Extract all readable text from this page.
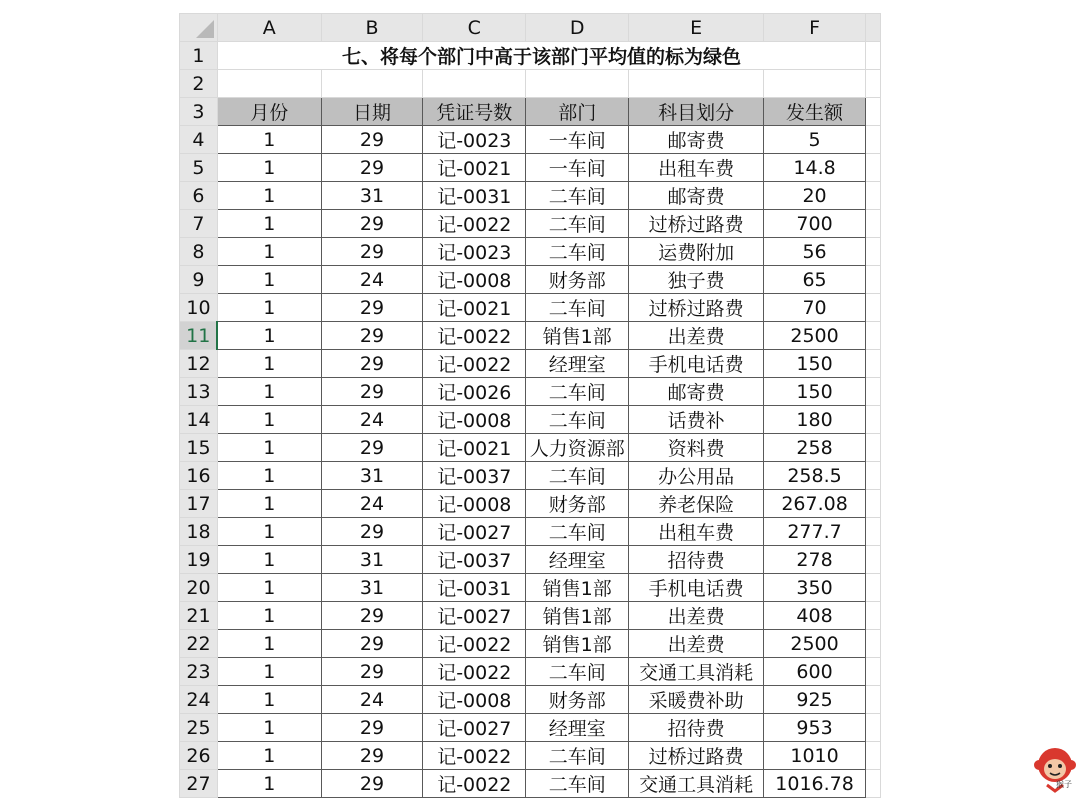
	A	B	C	D	E	F	
1	七、将每个部门中高于该部门平均值的标为绿色						
2							
3	月份	日期	凭证号数	部门	科目划分	发生额	
4	1	29	记-0023	一车间	邮寄费	5	
5	1	29	记-0021	一车间	出租车费	14.8	
6	1	31	记-0031	二车间	邮寄费	20	
7	1	29	记-0022	二车间	过桥过路费	700	
8	1	29	记-0023	二车间	运费附加	56	
9	1	24	记-0008	财务部	独子费	65	
10	1	29	记-0021	二车间	过桥过路费	70	
11	1	29	记-0022	销售1部	出差费	2500	
12	1	29	记-0022	经理室	手机电话费	150	
13	1	29	记-0026	二车间	邮寄费	150	
14	1	24	记-0008	二车间	话费补	180	
15	1	29	记-0021	人力资源部	资料费	258	
16	1	31	记-0037	二车间	办公用品	258.5	
17	1	24	记-0008	财务部	养老保险	267.08	
18	1	29	记-0027	二车间	出租车费	277.7	
19	1	31	记-0037	经理室	招待费	278	
20	1	31	记-0031	销售1部	手机电话费	350	
21	1	29	记-0027	销售1部	出差费	408	
22	1	29	记-0022	销售1部	出差费	2500	
23	1	29	记-0022	二车间	交通工具消耗	600	
24	1	24	记-0008	财务部	采暖费补助	925	
25	1	29	记-0027	经理室	招待费	953	
26	1	29	记-0022	二车间	过桥过路费	1010	
27	1	29	记-0022	二车间	交通工具消耗	1016.78		猴子
